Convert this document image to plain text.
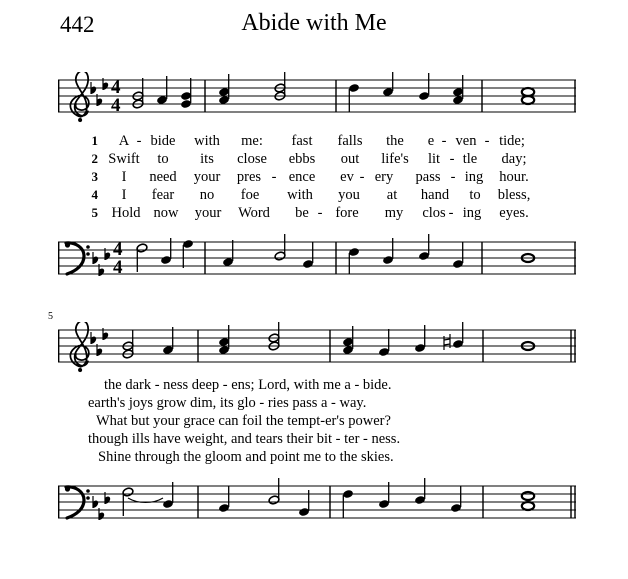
442	Abide with Me
4
4
1 A - bide with me: fast falls the e - ven - tide;
2 Swift to its close ebbs out life's lit - tle day;
3 I need your pres - ence ev - ery pass - ing hour.
4 I fear no foe with you at hand to bless,
5 Hold now your Word be - fore my clos - ing eyes.
4
4
5
the dark - ness deep - ens; Lord, with me a - bide.
earth's joys grow dim, its glo - ries pass a - way.
What but your grace can foil the tempt-er's power?
though ills have weight, and tears their bit - ter - ness.
Shine through the gloom and point me to the skies.
